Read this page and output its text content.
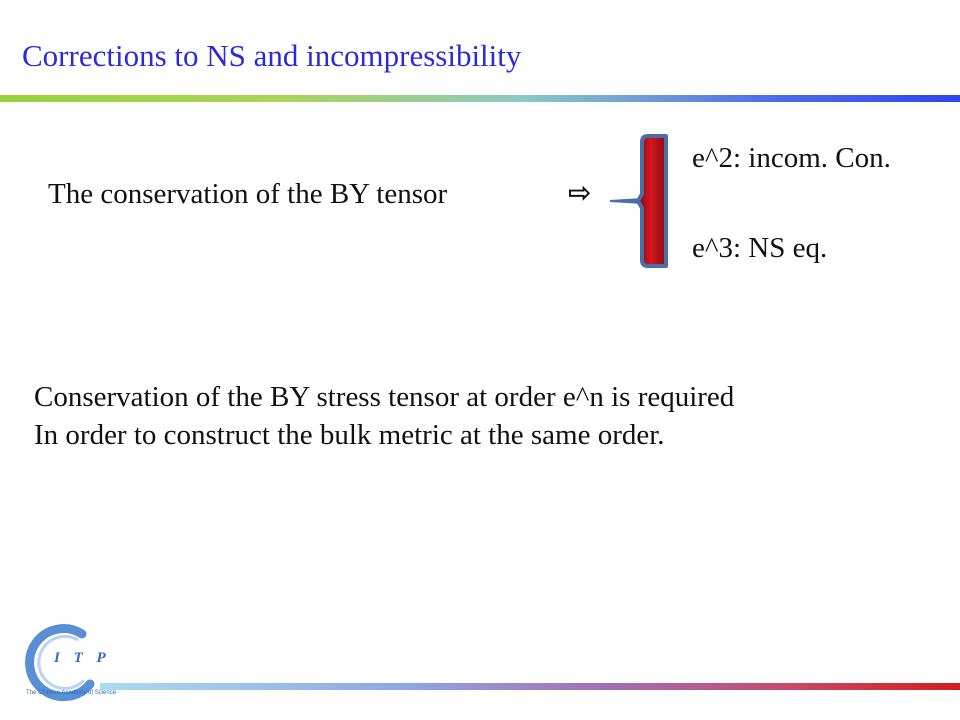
Corrections to NS and incompressibility
The conservation of the BY tensor	⇨
e^2: incom. Con.
e^3: NS eq.
Conservation of the BY stress tensor at order e^n is required
In order to construct the bulk metric at the same order.
I T P
The Chinese Academy of Science
